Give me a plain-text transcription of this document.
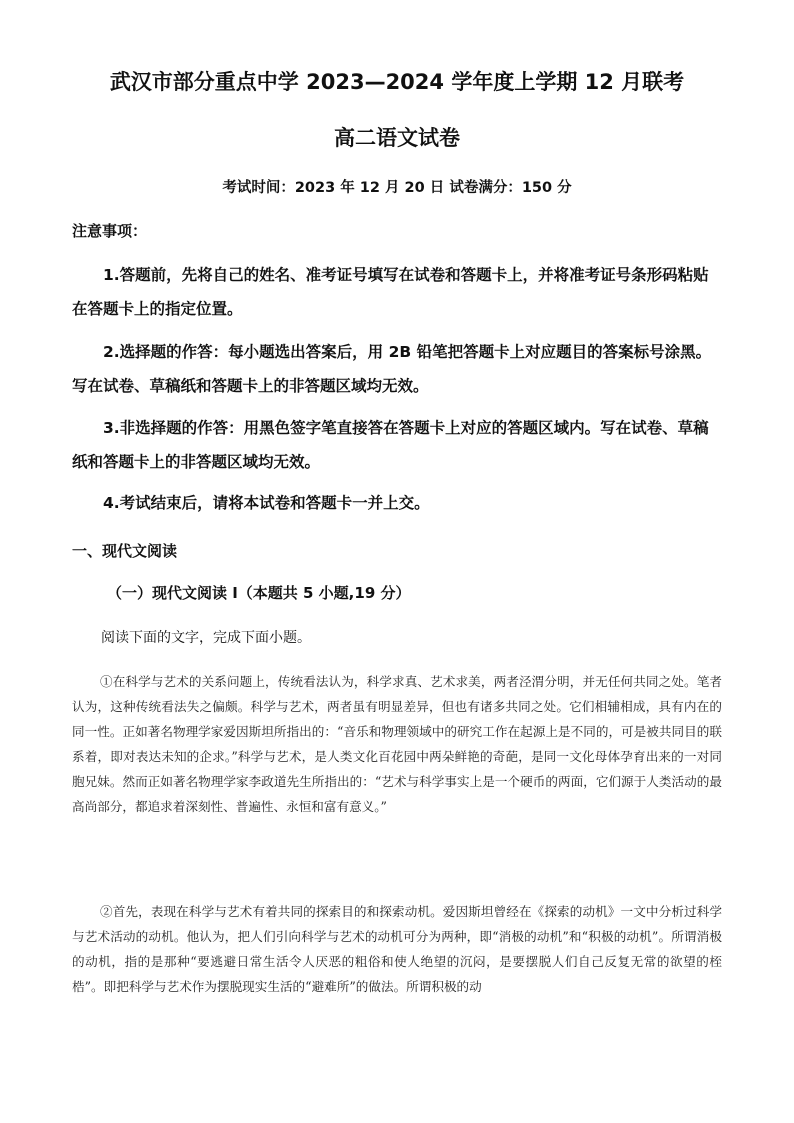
武汉市部分重点中学 2023—2024 学年度上学期 12 月联考
高二语文试卷
考试时间：2023 年 12 月 20 日 试卷满分：150 分
注意事项：
1.答题前，先将自己的姓名、准考证号填写在试卷和答题卡上，并将准考证号条形码粘贴在答题卡上的指定位置。
2.选择题的作答：每小题选出答案后，用 2B 铅笔把答题卡上对应题目的答案标号涂黑。写在试卷、草稿纸和答题卡上的非答题区域均无效。
3.非选择题的作答：用黑色签字笔直接答在答题卡上对应的答题区域内。写在试卷、草稿纸和答题卡上的非答题区域均无效。
4.考试结束后，请将本试卷和答题卡一并上交。
一、现代文阅读
（一）现代文阅读 I（本题共 5 小题,19 分）
阅读下面的文字，完成下面小题。
①在科学与艺术的关系问题上，传统看法认为，科学求真、艺术求美，两者泾渭分明，并无任何共同之处。笔者认为，这种传统看法失之偏颇。科学与艺术，两者虽有明显差异，但也有诸多共同之处。它们相辅相成，具有内在的同一性。正如著名物理学家爱因斯坦所指出的：“音乐和物理领域中的研究工作在起源上是不同的，可是被共同目的联系着，即对表达未知的企求。”科学与艺术，是人类文化百花园中两朵鲜艳的奇葩，是同一文化母体孕育出来的一对同胞兄妹。然而正如著名物理学家李政道先生所指出的：“艺术与科学事实上是一个硬币的两面，它们源于人类活动的最高尚部分，都追求着深刻性、普遍性、永恒和富有意义。”
②首先，表现在科学与艺术有着共同的探索目的和探索动机。爱因斯坦曾经在《探索的动机》一文中分析过科学与艺术活动的动机。他认为，把人们引向科学与艺术的动机可分为两种，即“消极的动机”和“积极的动机”。所谓消极的动机，指的是那种“要逃避日常生活令人厌恶的粗俗和使人绝望的沉闷，是要摆脱人们自己反复无常的欲望的桎梏”。即把科学与艺术作为摆脱现实生活的“避难所”的做法。所谓积极的动
